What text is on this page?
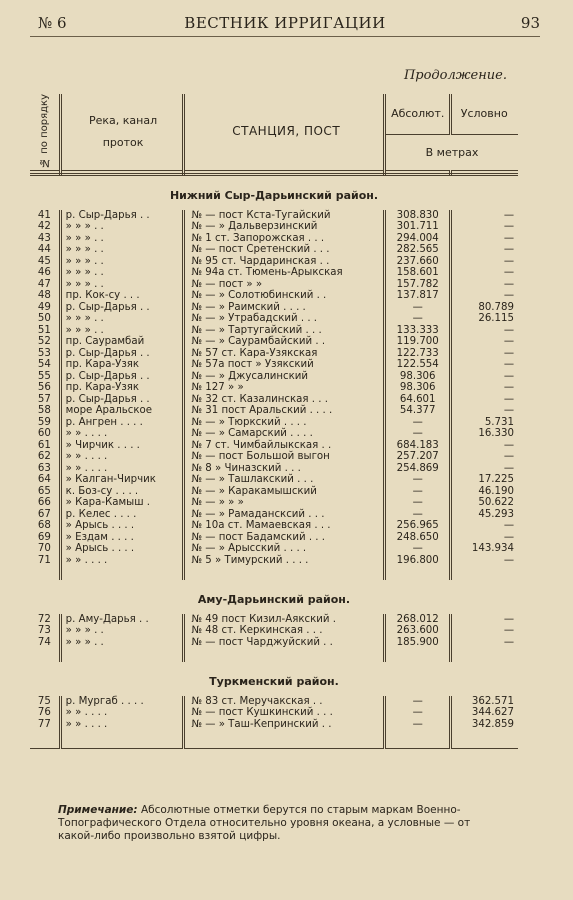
№ 6	ВЕСТНИК ИРРИГАЦИИ	93
Продолжение.
№ по порядку	Река, канал
проток	СТАНЦИЯ, ПОСТ	Абсолют.	Условно
			В метрах	

Нижний Сыр-Дарьинский район.				
41	р. Сыр-Дарья . .	№ — пост Кста-Тугайский	308.830	—
42	» » » . .	№ — » Дальверзинский	301.711	—
43	» » » . .	№ 1 ст. Запорожская . . .	294.004	—
44	» » » . .	№ — пост Сретенский . . .	282.565	—
45	» » » . .	№ 95 ст. Чардаринская . .	237.660	—
46	» » » . .	№ 94а ст. Тюмень-Арыкская	158.601	—
47	» » » . .	№ — пост » »	157.782	—
48	пр. Кок-су . . .	№ — » Солотюбинский . .	137.817	—
49	р. Сыр-Дарья . .	№ — » Раимский . . . .	—	80.789
50	» » » . .	№ — » Утрабадский . . .	—	26.115
51	» » » . .	№ — » Тартугайский . . .	133.333	—
52	пр. Саурамбай	№ — » Саурамбайский . .	119.700	—
53	р. Сыр-Дарья . .	№ 57 ст. Кара-Узякская	122.733	—
54	пр. Кара-Узяк	№ 57а пост » Узякский	122.554	—
55	р. Сыр-Дарья . .	№ — » Джусалинский	98.306	—
56	пр. Кара-Узяк	№ 127 » »	98.306	—
57	р. Сыр-Дарья . .	№ 32 ст. Казалинская . . .	64.601	—
58	море Аральское	№ 31 пост Аральский . . . .	54.377	—
59	р. Ангрен . . . .	№ — » Тюркский . . . .	—	5.731
60	» » . . . .	№ — » Самарский . . . .	—	16.330
61	» Чирчик . . . .	№ 7 ст. Чимбайлыкская . .	684.183	—
62	» » . . . .	№ — пост Большой выгон	257.207	—
63	» » . . . .	№ 8 » Чиназский . . .	254.869	—
64	» Калган-Чирчик	№ — » Ташлакский . . .	—	17.225
65	к. Боз-су . . . .	№ — » Каракамышский	—	46.190
66	» Кара-Камыш .	№ — » » »	—	50.622
67	р. Келес . . . .	№ — » Рамадансксий . . .	—	45.293
68	» Арысь . . . .	№ 10а ст. Мамаевская . . .	256.965	—
69	» Ездам . . . .	№ — пост Бадамский . . .	248.650	—
70	» Арысь . . . .	№ — » Арысский . . . .	—	143.934
71	» » . . . .	№ 5 » Тимурский . . . .	196.800	—

Аму-Дарьинский район.				
72	р. Аму-Дарья . .	№ 49 пост Кизил-Аякский .	268.012	—
73	» » » . .	№ 48 ст. Керкинская . . .	263.600	—
74	» » » . .	№ — пост Чарджуйский . .	185.900	—

Туркменский район.				
75	р. Мургаб . . . .	№ 83 ст. Меручакская . .	—	362.571
76	» » . . . .	№ — пост Кушкинский . . .	—	344.627
77	» » . . . .	№ — » Таш-Кепринский . .	—	342.859

Примечание: Абсолютные отметки берутся по старым маркам Военно-Топографического Отдела относительно уровня океана, а условные — от какой-либо произвольно взятой цифры.
